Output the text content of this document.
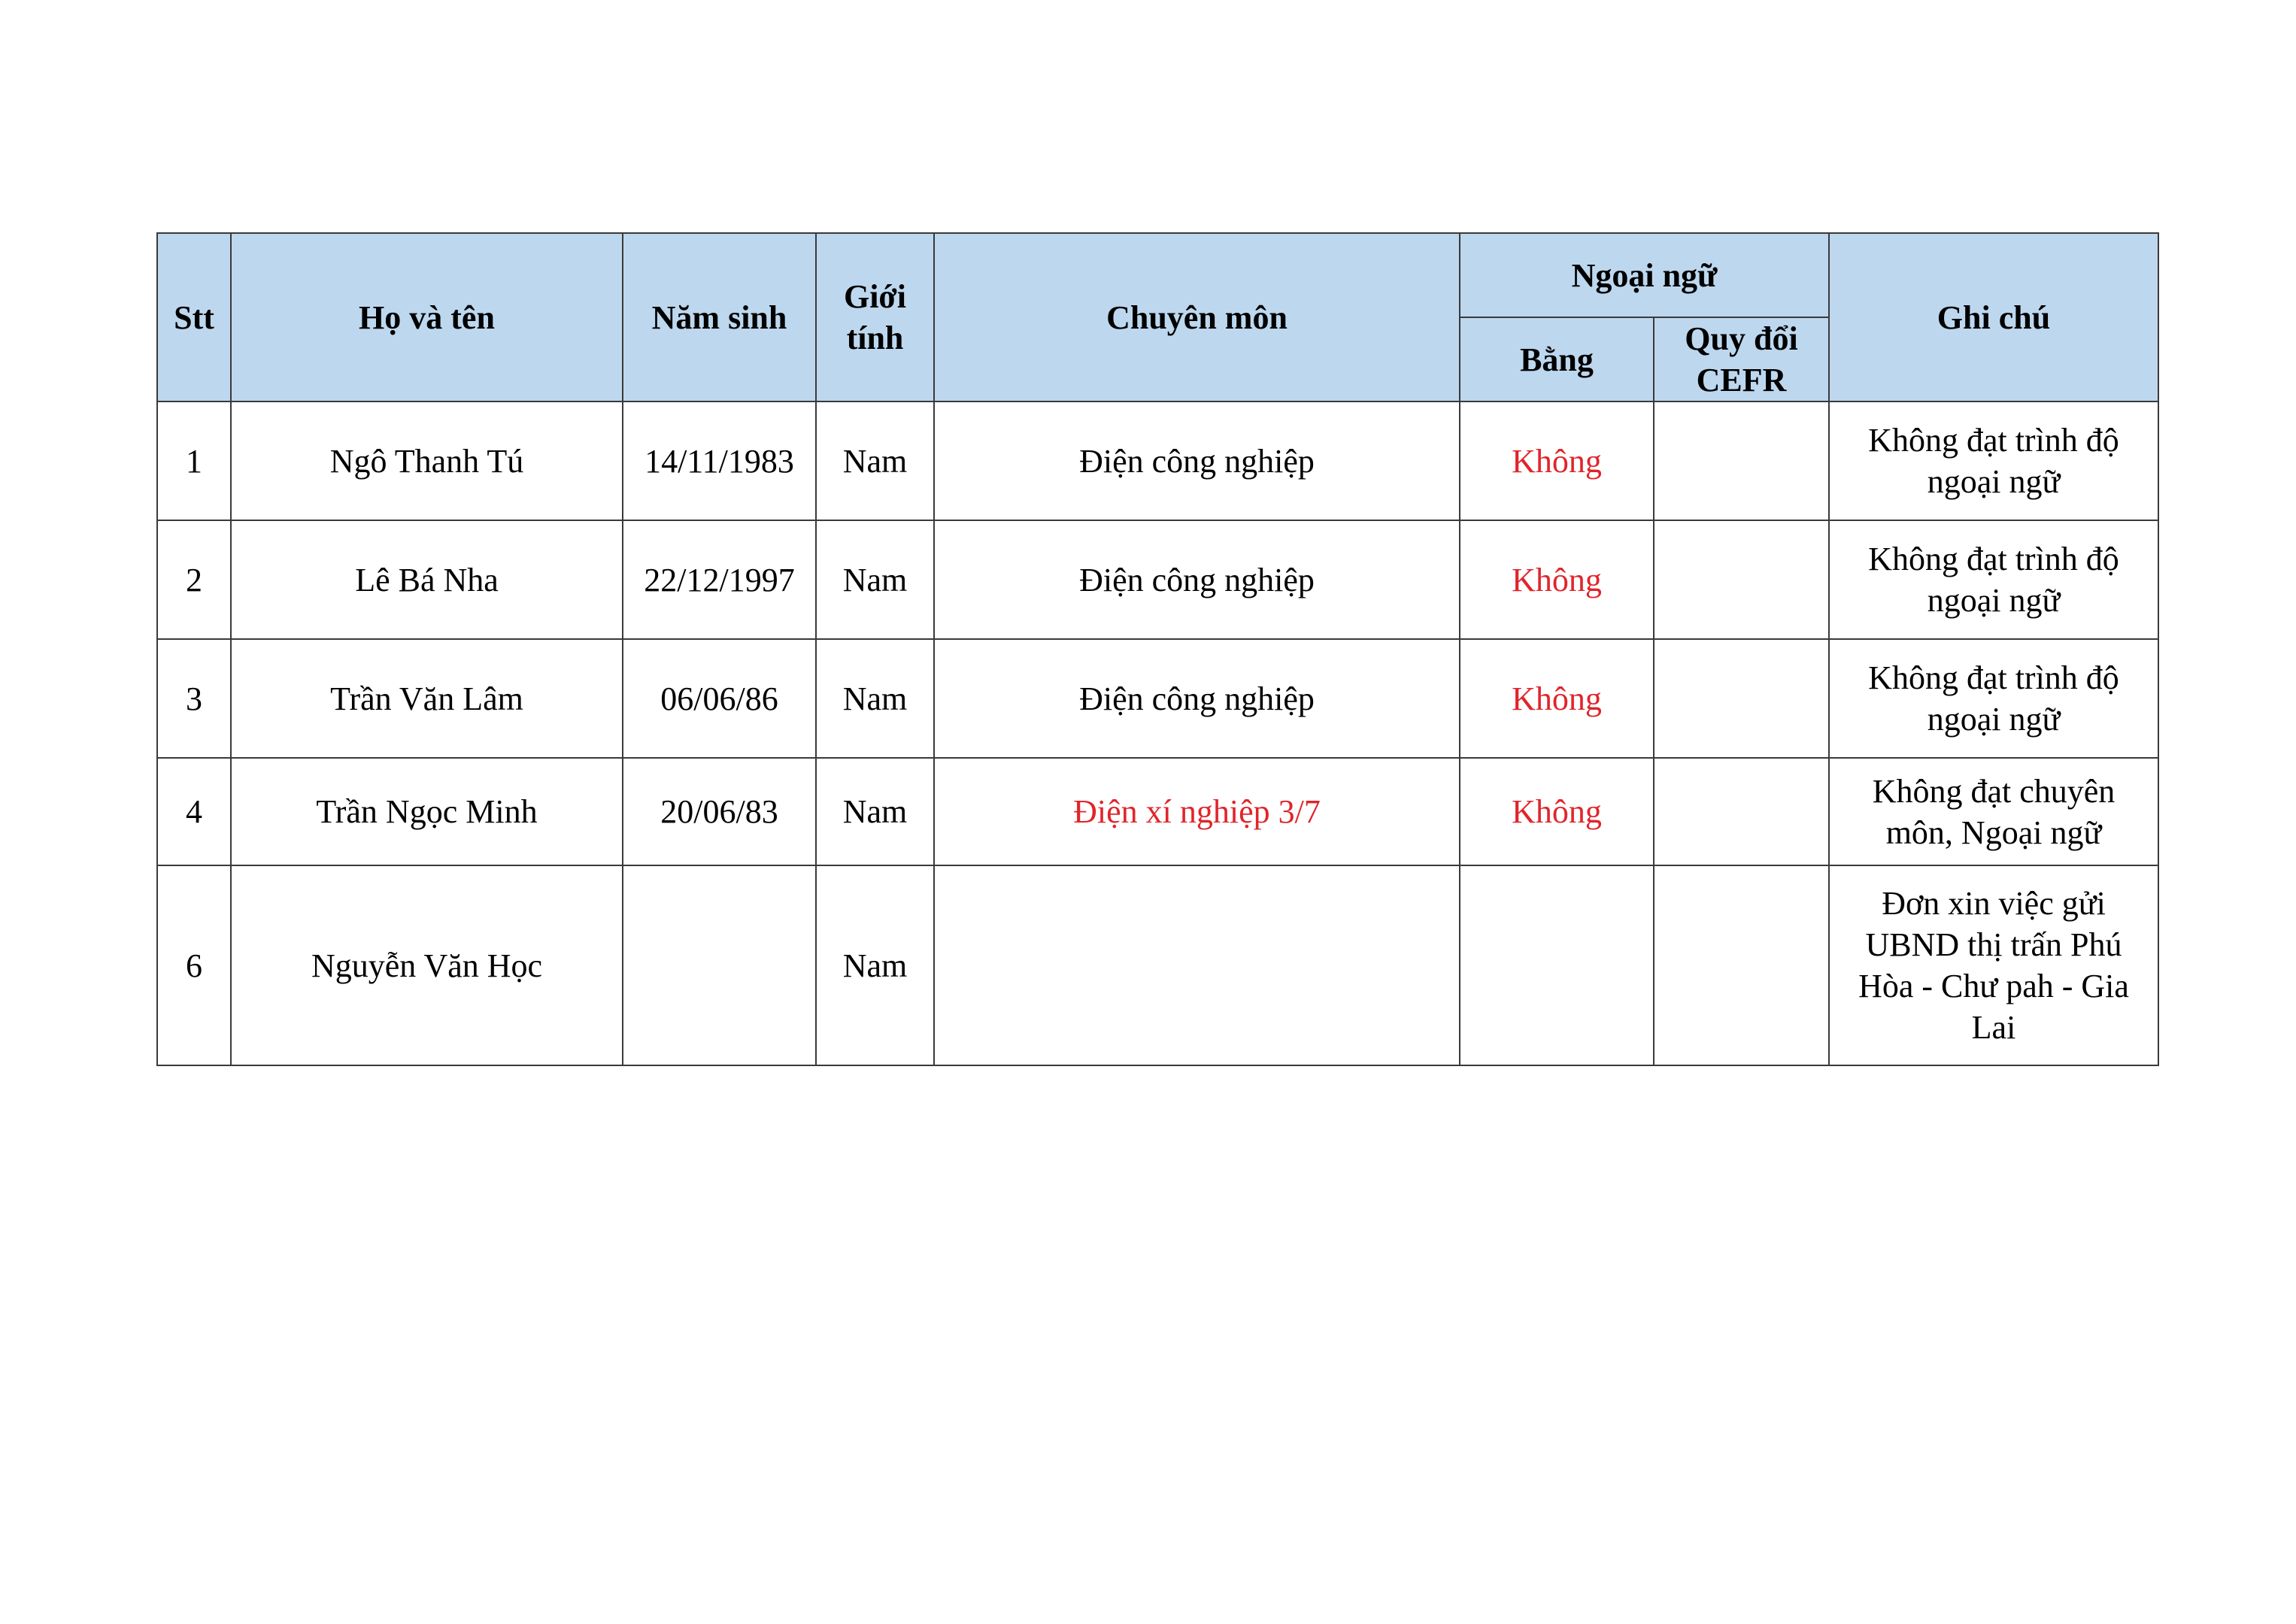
Stt	Họ và tên	Năm sinh	Giới tính	Chuyên môn	Ngoại ngữ		Ghi chú
					Bằng	Quy đổi CEFR	
1	Ngô Thanh Tú	14/11/1983	Nam	Điện công nghiệp	Không		Không đạt trình độ ngoại ngữ
2	Lê Bá Nha	22/12/1997	Nam	Điện công nghiệp	Không		Không đạt trình độ ngoại ngữ
3	Trần Văn Lâm	06/06/86	Nam	Điện công nghiệp	Không		Không đạt trình độ ngoại ngữ
4	Trần Ngọc Minh	20/06/83	Nam	Điện xí nghiệp 3/7	Không		Không đạt chuyên môn, Ngoại ngữ
6	Nguyễn Văn Học		Nam				Đơn xin việc gửi UBND thị trấn Phú Hòa - Chư pah - Gia Lai
